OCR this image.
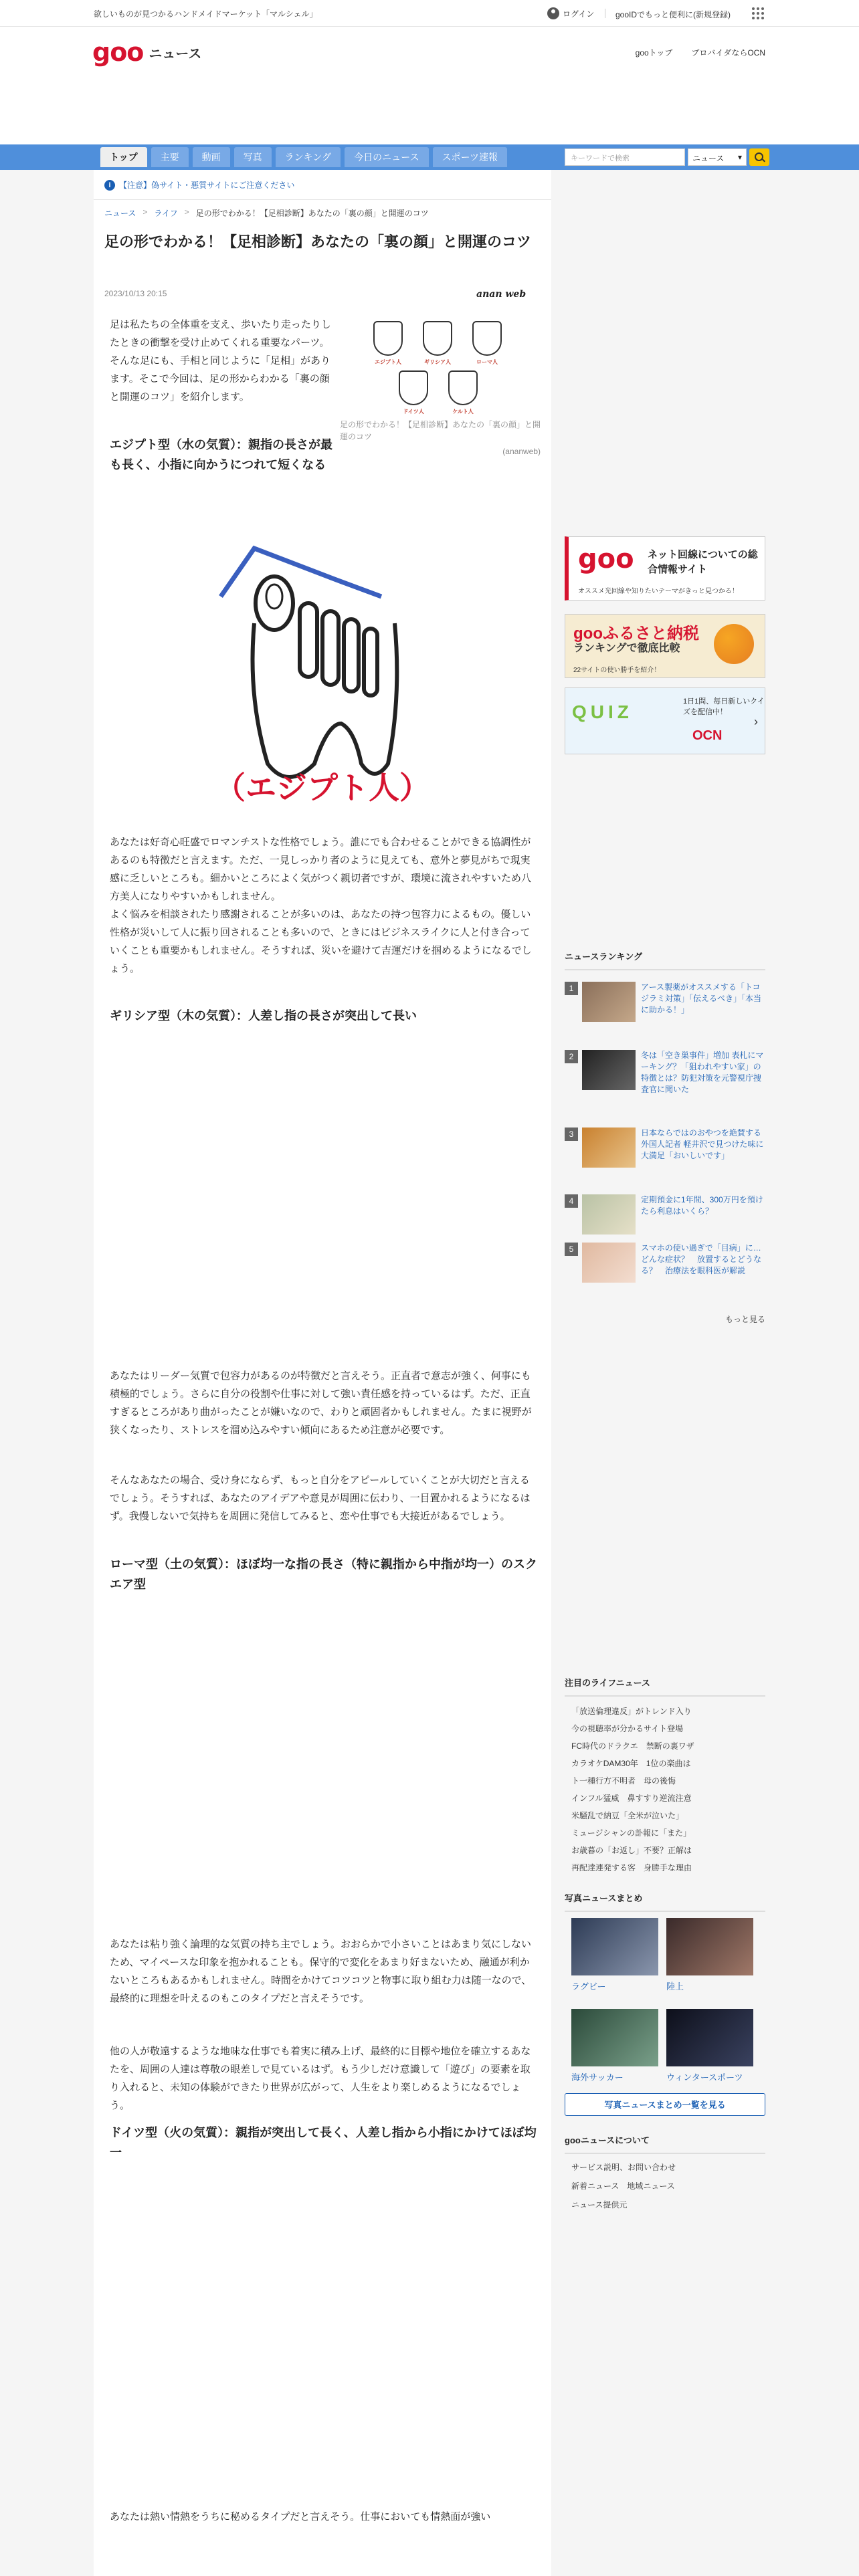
欲しいものが見つかるハンドメイドマーケット「マルシェル」	ログイン	gooIDでもっと便利に(新規登録)
goo ニュース	gooトップ プロバイダならOCN
トップ	主要	動画	写真	ランキング	今日のニュース	スポーツ速報	キーワードで検索	ニュース ▾
i	【注意】偽サイト・悪質サイトにご注意ください
ニュース > ライフ > 足の形でわかる！【足相診断】あなたの「裏の顔」と開運のコツ
足の形でわかる！【足相診断】あなたの「裏の顔」と開運のコツ
2023/10/13 20:15	anan web

足は私たちの全体重を支え、歩いたり走ったりしたときの衝撃を受け止めてくれる重要なパーツ。そんな足にも、手相と同じように「足相」があります。そこで今回は、足の形からわかる「裏の顔と開運のコツ」を紹介します。

エジプト人	ギリシア人	ローマ人
ドイツ人	ケルト人
足の形でわかる！【足相診断】あなたの「裏の顔」と開運のコツ
(ananweb)
エジプト型（水の気質）：親指の長さが最も長く、小指に向かうにつれて短くなる
（エジプト人）

あなたは好奇心旺盛でロマンチストな性格でしょう。誰にでも合わせることができる協調性があるのも特徴だと言えます。ただ、一見しっかり者のように見えても、意外と夢見がちで現実感に乏しいところも。細かいところによく気がつく親切者ですが、環境に流されやすいため八方美人になりやすいかもしれません。

よく悩みを相談されたり感謝されることが多いのは、あなたの持つ包容力によるもの。優しい性格が災いして人に振り回されることも多いので、ときにはビジネスライクに人と付き合っていくことも重要かもしれません。そうすれば、災いを避けて吉運だけを掴めるようになるでしょう。

ギリシア型（木の気質）：人差し指の長さが突出して長い

あなたはリーダー気質で包容力があるのが特徴だと言えそう。正直者で意志が強く、何事にも積極的でしょう。さらに自分の役割や仕事に対して強い責任感を持っているはず。ただ、正直すぎるところがあり曲がったことが嫌いなので、わりと頑固者かもしれません。たまに視野が狭くなったり、ストレスを溜め込みやすい傾向にあるため注意が必要です。

そんなあなたの場合、受け身にならず、もっと自分をアピールしていくことが大切だと言えるでしょう。そうすれば、あなたのアイデアや意見が周囲に伝わり、一目置かれるようになるはず。我慢しないで気持ちを周囲に発信してみると、恋や仕事でも大接近があるでしょう。

ローマ型（土の気質）：ほぼ均一な指の長さ（特に親指から中指が均一）のスクエア型

あなたは粘り強く論理的な気質の持ち主でしょう。おおらかで小さいことはあまり気にしないため、マイペースな印象を抱かれることも。保守的で変化をあまり好まないため、融通が利かないところもあるかもしれません。時間をかけてコツコツと物事に取り組む力は随一なので、最終的に理想を叶えるのもこのタイプだと言えそうです。

他の人が敬遠するような地味な仕事でも着実に積み上げ、最終的に目標や地位を確立するあなたを、周囲の人達は尊敬の眼差しで見ているはず。もう少しだけ意識して「遊び」の要素を取り入れると、未知の体験ができたり世界が広がって、人生をより楽しめるようになるでしょう。

ドイツ型（火の気質）：親指が突出して長く、人差し指から小指にかけてほぼ均一

あなたは熱い情熱をうちに秘めるタイプだと言えそう。仕事においても情熱面が強い

goo ネット回線についての総合情報サイト
オススメ光回線や知りたいテーマがきっと見つかる！
gooふるさと納税
ランキングで徹底比較
22サイトの使い勝手を紹介！
QUIZ	1日1問、毎日新しいクイズを配信中！
OCN
›
ニュースランキング
1	アース製薬がオススメする「トコジラミ対策」「伝えるべき」「本当に助かる！」
2	冬は「空き巣事件」増加 表札にマーキング？「狙われやすい家」の特徴とは？防犯対策を元警視庁捜査官に聞いた
3	日本ならではのおやつを絶賛する外国人記者 軽井沢で見つけた味に大満足「おいしいです」
4	定期預金に1年間、300万円を預けたら利息はいくら？
5	スマホの使い過ぎで「目病」に…どんな症状？　放置するとどうなる？　治療法を眼科医が解説
もっと見る
注目のライフニュース
「放送倫理違反」がトレンド入り
今の視聴率が分かるサイト登場
FC時代のドラクエ　禁断の裏ワザ
カラオケDAM30年　1位の楽曲は
ト一種行方不明者　母の後悔
インフル猛威　鼻すすり逆流注意
米騒乱で納豆「全米が泣いた」
ミュージシャンの訃報に「また」
お歳暮の「お返し」不要？正解は
再配達連発する客　身勝手な理由
写真ニュースまとめ
ラグビー	陸上
海外サッカー	ウィンタースポーツ
写真ニュースまとめ一覧を見る
gooニュースについて
サービス説明、お問い合わせ
新着ニュース　地域ニュース
ニュース提供元
